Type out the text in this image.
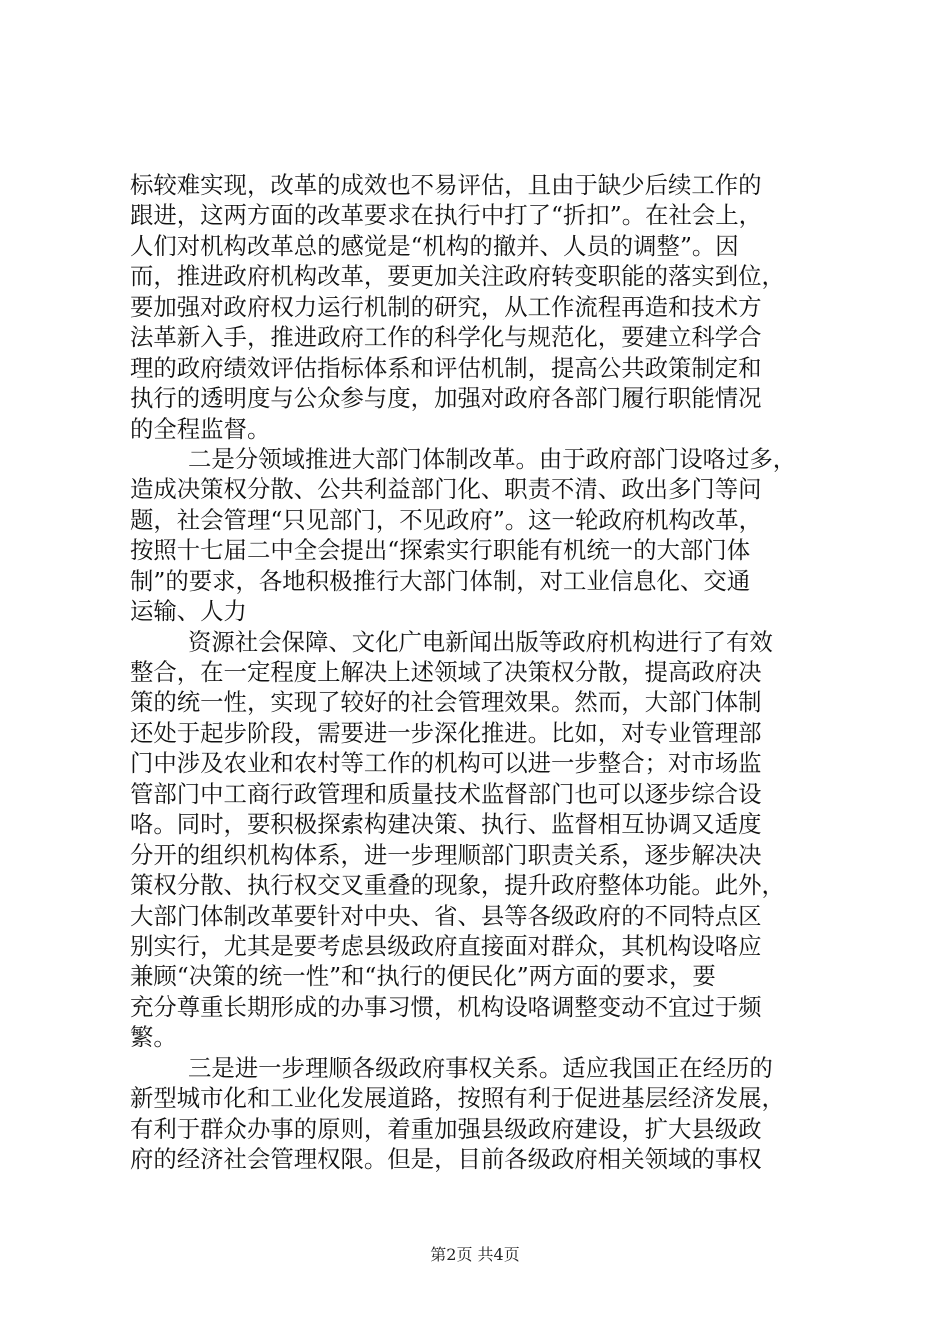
标较难实现，改革的成效也不易评估，且由于缺少后续工作的
跟进，这两方面的改革要求在执行中打了“折扣”。在社会上，
人们对机构改革总的感觉是“机构的撤并、人员的调整”。因
而，推进政府机构改革，要更加关注政府转变职能的落实到位，
要加强对政府权力运行机制的研究，从工作流程再造和技术方
法革新入手，推进政府工作的科学化与规范化，要建立科学合
理的政府绩效评估指标体系和评估机制，提高公共政策制定和
执行的透明度与公众参与度，加强对政府各部门履行职能情况
的全程监督。
二是分领域推进大部门体制改革。由于政府部门设咯过多，
造成决策权分散、公共利益部门化、职责不清、政出多门等问
题，社会管理“只见部门，不见政府”。这一轮政府机构改革，
按照十七届二中全会提出“探索实行职能有机统一的大部门体
制”的要求，各地积极推行大部门体制，对工业信息化、交通
运输、人力
资源社会保障、文化广电新闻出版等政府机构进行了有效
整合，在一定程度上解决上述领域了决策权分散，提高政府决
策的统一性，实现了较好的社会管理效果。然而，大部门体制
还处于起步阶段，需要进一步深化推进。比如，对专业管理部
门中涉及农业和农村等工作的机构可以进一步整合；对市场监
管部门中工商行政管理和质量技术监督部门也可以逐步综合设
咯。同时，要积极探索构建决策、执行、监督相互协调又适度
分开的组织机构体系，进一步理顺部门职责关系，逐步解决决
策权分散、执行权交叉重叠的现象，提升政府整体功能。此外，
大部门体制改革要针对中央、省、县等各级政府的不同特点区
别实行，尤其是要考虑县级政府直接面对群众，其机构设咯应
兼顾“决策的统一性”和“执行的便民化”两方面的要求，要
充分尊重长期形成的办事习惯，机构设咯调整变动不宜过于频
繁。
三是进一步理顺各级政府事权关系。适应我国正在经历的
新型城市化和工业化发展道路，按照有利于促进基层经济发展，
有利于群众办事的原则，着重加强县级政府建设，扩大县级政
府的经济社会管理权限。但是，目前各级政府相关领域的事权
第2页 共4页
